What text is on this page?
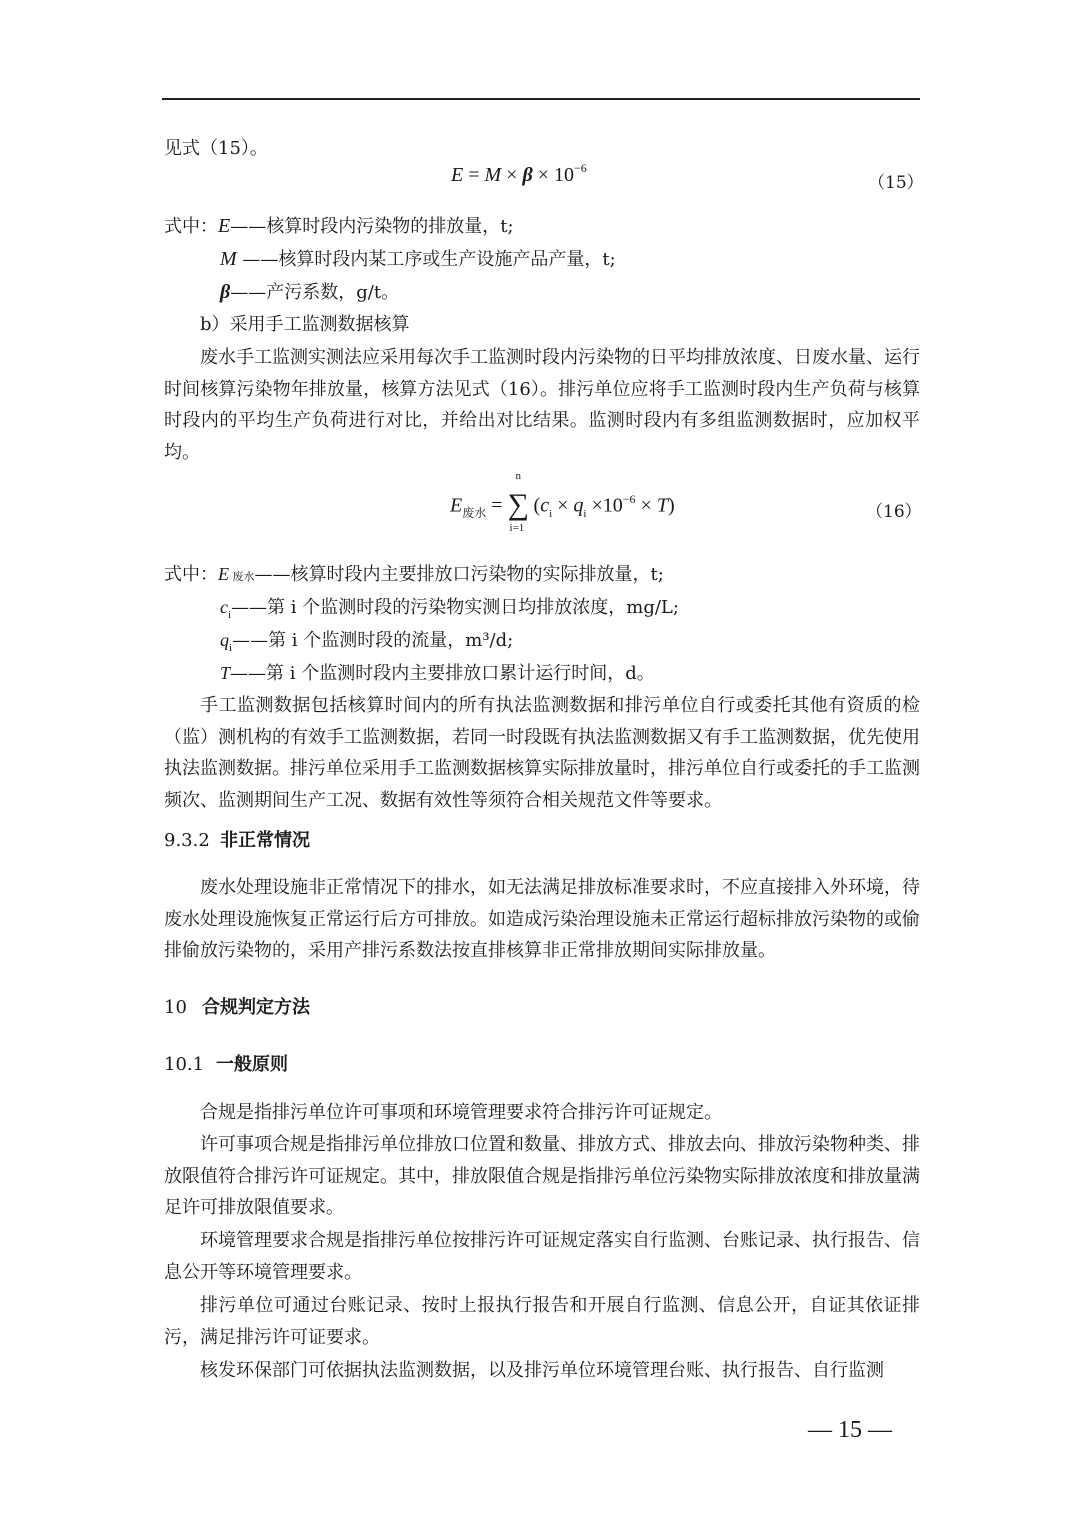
见式（15）。
$E = M \times \beta \times 10^{-6}$
（15）
式中：E——核算时段内污染物的排放量，t;
M ——核算时段内某工序或生产设施产品产量，t;
β——产污系数，g/t。
b）采用手工监测数据核算
废水手工监测实测法应采用每次手工监测时段内污染物的日平均排放浓度、日废水量、运行时间核算污染物年排放量，核算方法见式（16）。排污单位应将手工监测时段内生产负荷与核算时段内的平均生产负荷进行对比，并给出对比结果。监测时段内有多组监测数据时，应加权平均。
$E_{废水}$ =
n
∑
i=1
$(c_i \times q_i \times 10^{-6} \times T)$	（16）
式中：E 废水——核算时段内主要排放口污染物的实际排放量，t;
$c_i——$第 i 个监测时段的污染物实测日均排放浓度，mg/L;
$q_i——$第 i 个监测时段的流量，m³/d;
T——第 i 个监测时段内主要排放口累计运行时间，d。
手工监测数据包括核算时间内的所有执法监测数据和排污单位自行或委托其他有资质的检（监）测机构的有效手工监测数据，若同一时段既有执法监测数据又有手工监测数据，优先使用执法监测数据。排污单位采用手工监测数据核算实际排放量时，排污单位自行或委托的手工监测频次、监测期间生产工况、数据有效性等须符合相关规范文件等要求。
9.3.2 非正常情况
废水处理设施非正常情况下的排水，如无法满足排放标准要求时，不应直接排入外环境，待废水处理设施恢复正常运行后方可排放。如造成污染治理设施未正常运行超标排放污染物的或偷排偷放污染物的，采用产排污系数法按直排核算非正常排放期间实际排放量。
10 合规判定方法
10.1 一般原则
合规是指排污单位许可事项和环境管理要求符合排污许可证规定。
许可事项合规是指排污单位排放口位置和数量、排放方式、排放去向、排放污染物种类、排放限值符合排污许可证规定。其中，排放限值合规是指排污单位污染物实际排放浓度和排放量满足许可排放限值要求。
环境管理要求合规是指排污单位按排污许可证规定落实自行监测、台账记录、执行报告、信息公开等环境管理要求。
排污单位可通过台账记录、按时上报执行报告和开展自行监测、信息公开，自证其依证排污，满足排污许可证要求。
核发环保部门可依据执法监测数据，以及排污单位环境管理台账、执行报告、自行监测
— 15 —
